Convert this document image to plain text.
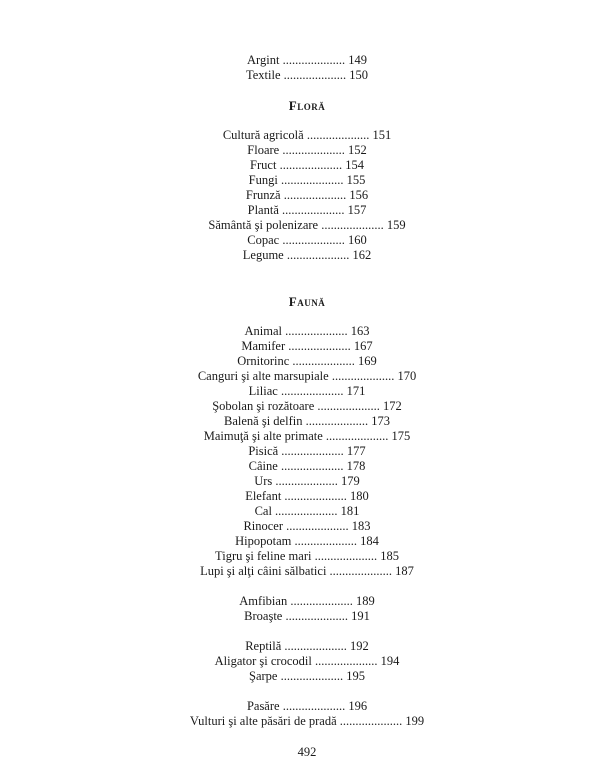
Argint .................... 149
Textile .................... 150
Floră
Cultură agricolă .................... 151
Floare .................... 152
Fruct .................... 154
Fungi .................... 155
Frunză .................... 156
Plantă .................... 157
Sământă şi polenizare .................... 159
Copac .................... 160
Legume .................... 162
Faună
Animal .................... 163
Mamifer .................... 167
Ornitorinc .................... 169
Canguri şi alte marsupiale .................... 170
Liliac .................... 171
Şobolan şi rozătoare .................... 172
Balenă şi delfin .................... 173
Maimuţă şi alte primate .................... 175
Pisică .................... 177
Câine .................... 178
Urs .................... 179
Elefant .................... 180
Cal .................... 181
Rinocer .................... 183
Hipopotam .................... 184
Tigru şi feline mari .................... 185
Lupi şi alţi câini sălbatici .................... 187
Amfibian .................... 189
Broaşte .................... 191
Reptilă .................... 192
Aligator şi crocodil .................... 194
Şarpe .................... 195
Pasăre .................... 196
Vulturi şi alte păsări de pradă .................... 199
492
